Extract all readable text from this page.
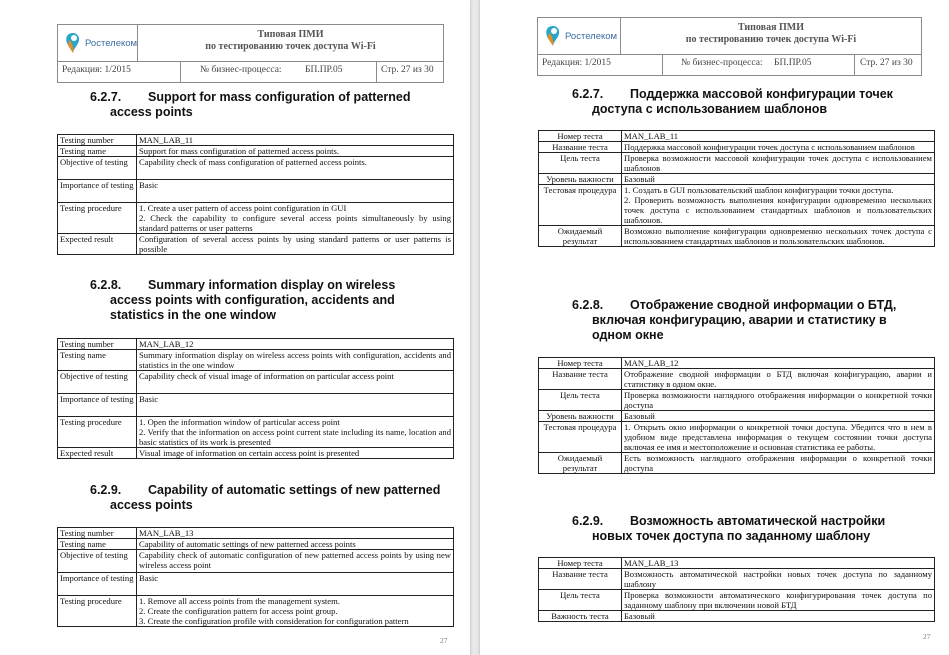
Ростелеком
Типовая ПМИ
по тестированию точек доступа Wi-Fi
Редакция: 1/2015	№ бизнес-процесса: БП.ПР.05	Стр. 27 из 30
6.2.7. Support for mass configuration of patterned
access points
Testing number	MAN_LAB_11
Testing name	Support for mass configuration of patterned access points.
Objective of testing	Capability check of mass configuration of patterned access points.
Importance of testing	Basic
Testing procedure	1. Create a user pattern of access point configuration in GUI
2. Check the capability to configure several access points simultaneously by using standard patterns or user patterns
Expected result	Configuration of several access points by using standard patterns or user patterns is possible
6.2.8. Summary information display on wireless
access points with configuration, accidents and
statistics in the one window
Testing number	MAN_LAB_12
Testing name	Summary information display on wireless access points with configuration, accidents and statistics in the one window
Objective of testing	Capability check of visual image of information on particular access point
Importance of testing	Basic
Testing procedure	1. Open the information window of particular access point
2. Verify that the information on access point current state including its name, location and basic statistics of its work is presented
Expected result	Visual image of information on certain access point is presented
6.2.9. Capability of automatic settings of new patterned
access points
Testing number	MAN_LAB_13
Testing name	Capability of automatic settings of new patterned access points
Objective of testing	Capability check of automatic configuration of new patterned access points by using new wireless access point
Importance of testing	Basic
Testing procedure	1. Remove all access points from the management system.
2. Create the configuration pattern for access point group.
3. Create the configuration profile with consideration for configuration pattern
27
Ростелеком
Типовая ПМИ
по тестированию точек доступа Wi-Fi
Редакция: 1/2015	№ бизнес-процесса: БП.ПР.05	Стр. 27 из 30
6.2.7. Поддержка массовой конфигурации точек
доступа с использованием шаблонов
Номер теста	MAN_LAB_11
Название теста	Поддержка массовой конфигурации точек доступа с использованием шаблонов
Цель теста	Проверка возможности массовой конфигурации точек доступа с использованием шаблонов
Уровень важности	Базовый
Тестовая процедура	1. Создать в GUI пользовательский шаблон конфигурации точки доступа.
2. Проверить возможность выполнения конфигурации одновременно нескольких точек доступа с использованием стандартных шаблонов и пользовательских шаблонов.
Ожидаемый результат	Возможно выполнение конфигурации одновременно нескольких точек доступа с использованием стандартных шаблонов и пользовательских шаблонов.
6.2.8. Отображение сводной информации о БТД,
включая конфигурацию, аварии и статистику в
одном окне
Номер теста	MAN_LAB_12
Название теста	Отображение сводной информации о БТД включая конфигурацию, аварии и статистику в одном окне.
Цель теста	Проверка возможности наглядного отображения информации о конкретной точки доступа
Уровень важности	Базовый
Тестовая процедура	1. Открыть окно информации о конкретной точки доступа. Убедится что в нем в удобном виде представлена информация о текущем состоянии точки доступа включая ее имя и местоположение и основная статистика ее работы.
Ожидаемый результат	Есть возможность наглядного отображения информации о конкретной точки доступа
6.2.9. Возможность автоматической настройки
новых точек доступа по заданному шаблону
Номер теста	MAN_LAB_13
Название теста	Возможность автоматической настройки новых точек доступа по заданному шаблону
Цель теста	Проверка возможности автоматического конфигурирования точек доступа по заданному шаблону при включении новой БТД
Важность теста	Базовый
27
